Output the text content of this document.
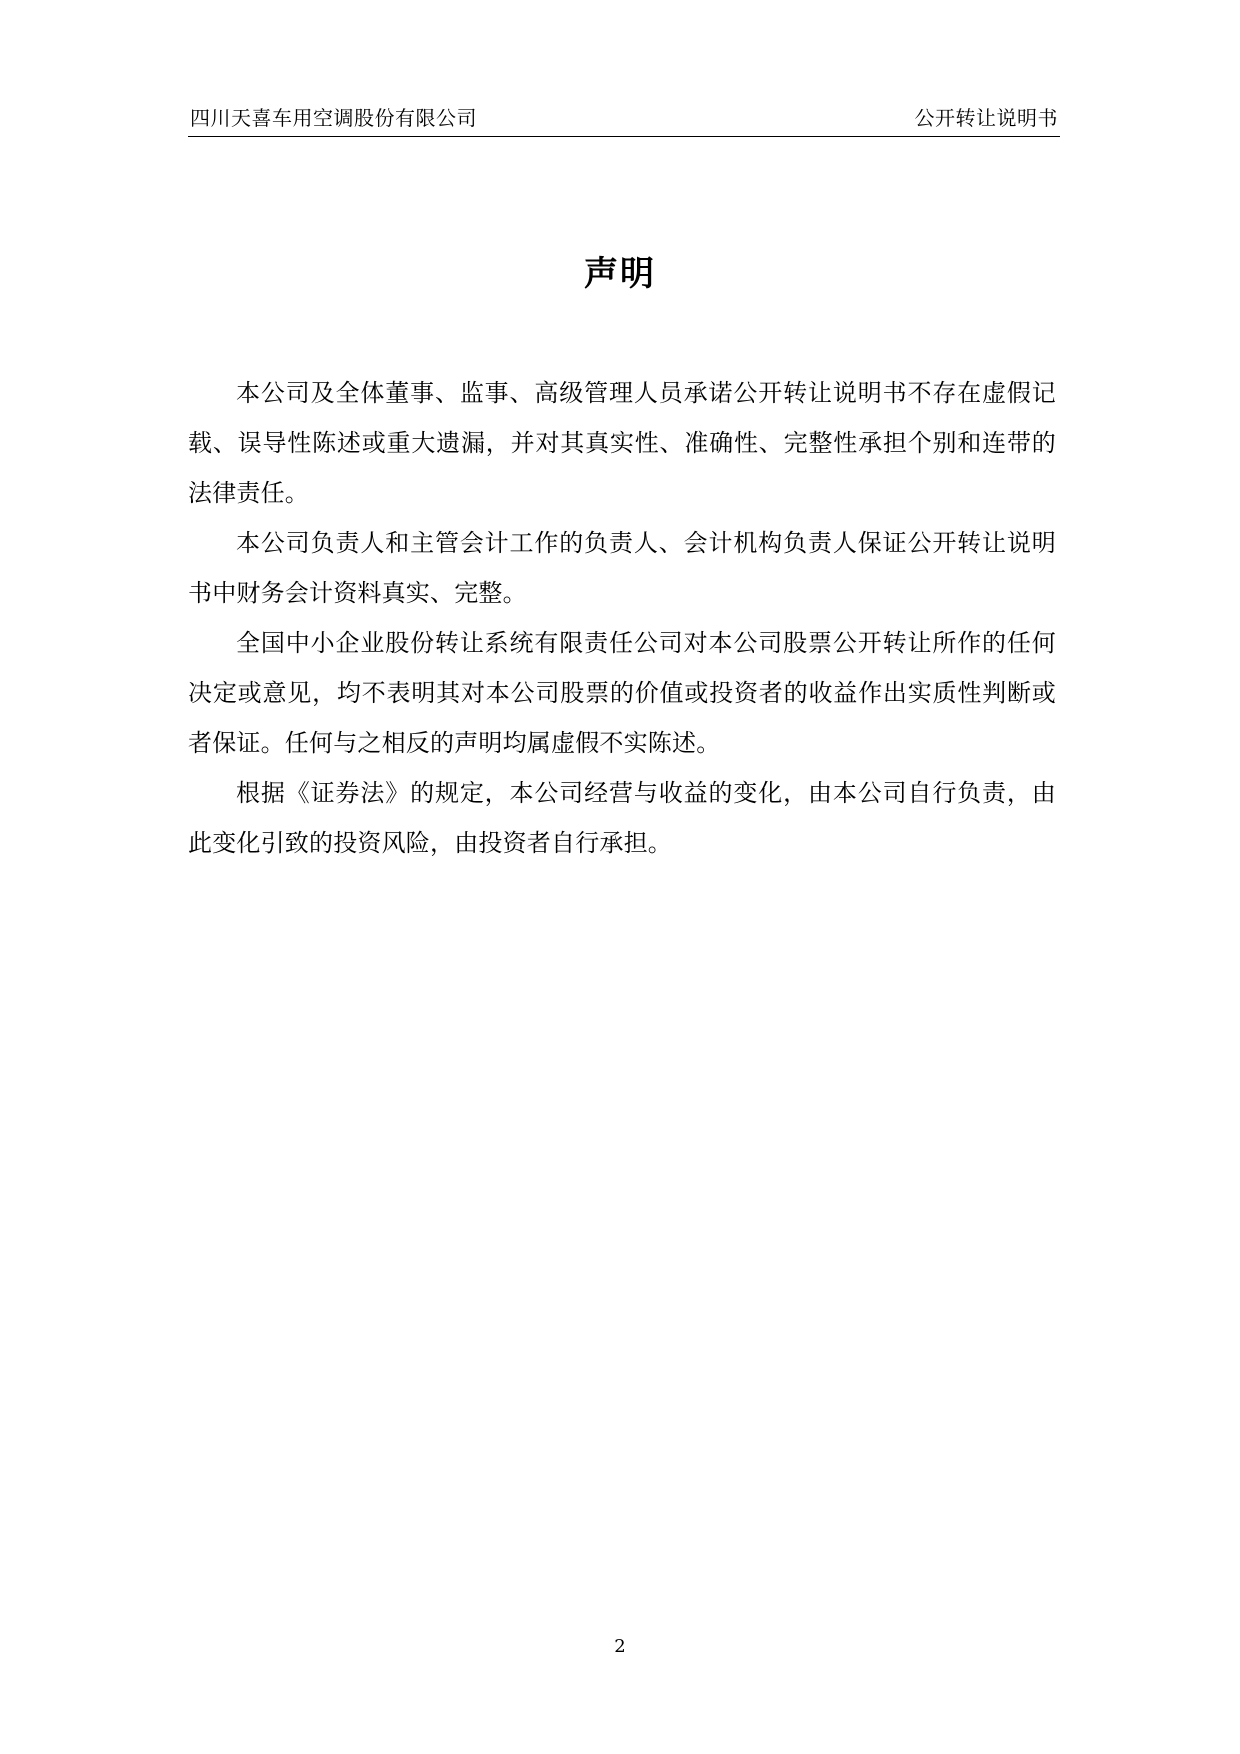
四川天喜车用空调股份有限公司	公开转让说明书
声明

本公司及全体董事、监事、高级管理人员承诺公开转让说明书不存在虚假记载、误导性陈述或重大遗漏，并对其真实性、准确性、完整性承担个别和连带的法律责任。

本公司负责人和主管会计工作的负责人、会计机构负责人保证公开转让说明书中财务会计资料真实、完整。

全国中小企业股份转让系统有限责任公司对本公司股票公开转让所作的任何决定或意见，均不表明其对本公司股票的价值或投资者的收益作出实质性判断或者保证。任何与之相反的声明均属虚假不实陈述。

根据《证券法》的规定，本公司经营与收益的变化，由本公司自行负责，由此变化引致的投资风险，由投资者自行承担。

2
